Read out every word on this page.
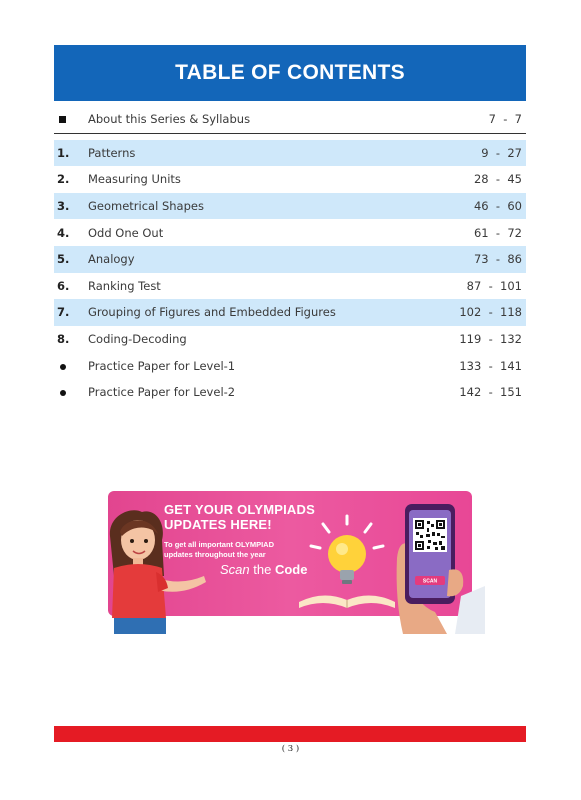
TABLE OF CONTENTS
About this Series & Syllabus	7  -  7
1.	Patterns	9  -  27
2.	Measuring Units	28  -  45
3.	Geometrical Shapes	46  -  60
4.	Odd One Out	61  -  72
5.	Analogy	73  -  86
6.	Ranking Test	87  -  101
7.	Grouping of Figures and Embedded Figures	102  -  118
8.	Coding-Decoding	119  -  132
Practice Paper for Level-1	133  -  141
Practice Paper for Level-2	142  -  151
GET YOUR OLYMPIADS
UPDATES HERE!
To get all important OLYMPIAD
updates throughout the year
Scan the Code
SCAN
( 3 )
